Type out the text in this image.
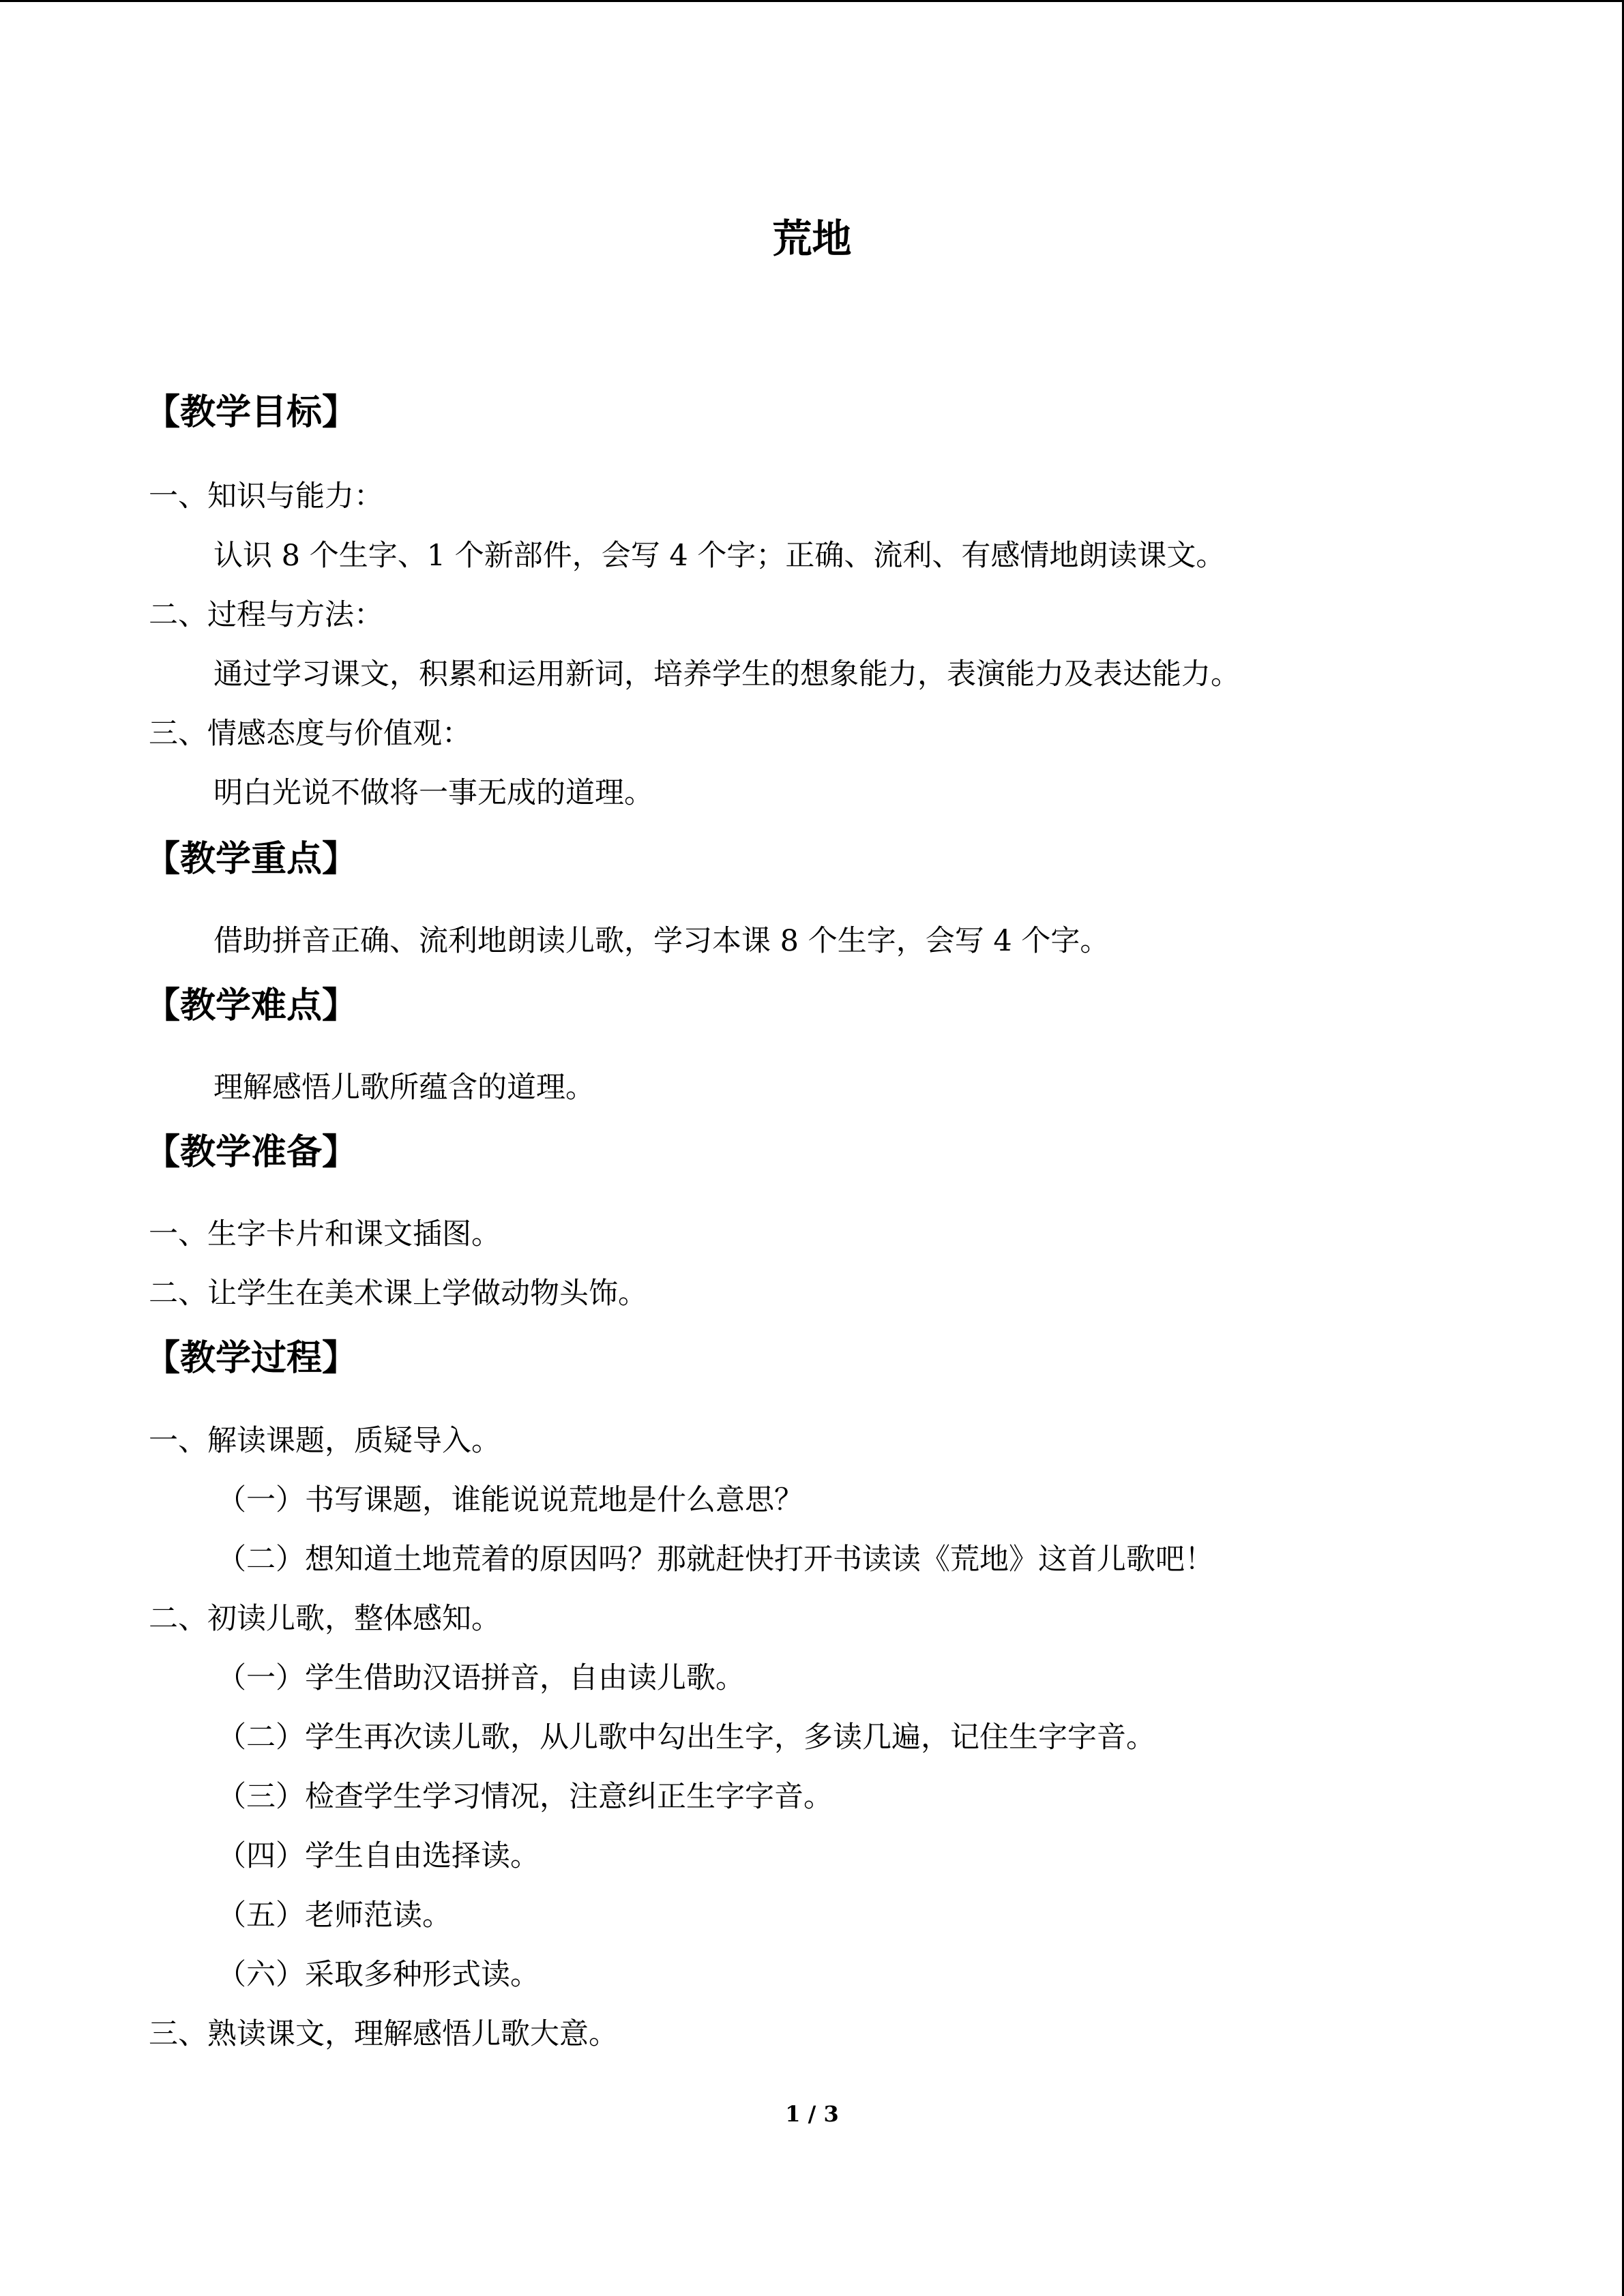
荒地
【教学目标】
一、知识与能力：
认识 8 个生字、1 个新部件，会写 4 个字；正确、流利、有感情地朗读课文。
二、过程与方法：
通过学习课文，积累和运用新词，培养学生的想象能力，表演能力及表达能力。
三、情感态度与价值观：
明白光说不做将一事无成的道理。
【教学重点】
借助拼音正确、流利地朗读儿歌，学习本课 8 个生字，会写 4 个字。
【教学难点】
理解感悟儿歌所蕴含的道理。
【教学准备】
一、生字卡片和课文插图。
二、让学生在美术课上学做动物头饰。
【教学过程】
一、解读课题，质疑导入。
（一）书写课题，谁能说说荒地是什么意思？
（二）想知道土地荒着的原因吗？那就赶快打开书读读《荒地》这首儿歌吧！
二、初读儿歌，整体感知。
（一）学生借助汉语拼音，自由读儿歌。
（二）学生再次读儿歌，从儿歌中勾出生字，多读几遍，记住生字字音。
（三）检查学生学习情况，注意纠正生字字音。
（四）学生自由选择读。
（五）老师范读。
（六）采取多种形式读。
三、熟读课文，理解感悟儿歌大意。
1 / 3
